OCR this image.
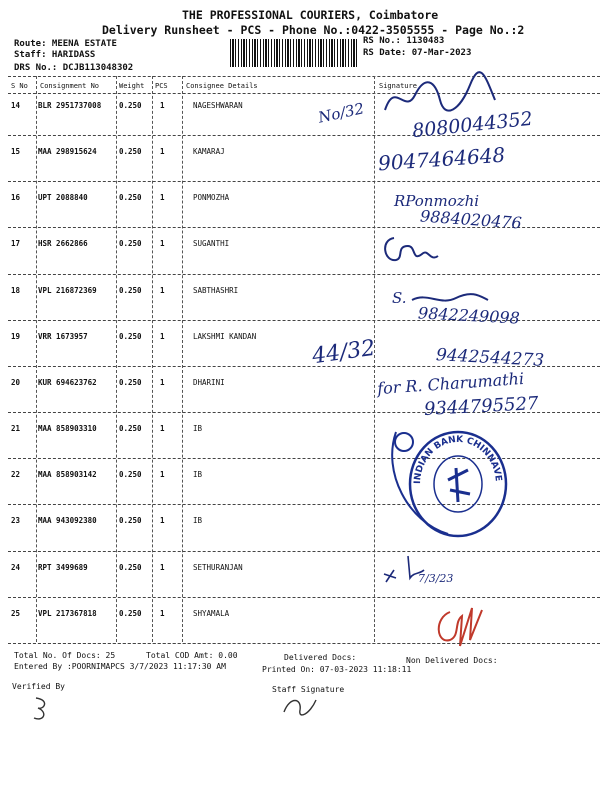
THE PROFESSIONAL COURIERS, Coimbatore
Delivery Runsheet - PCS - Phone No.:0422-3505555 - Page No.:2
Route: MEENA ESTATE
Staff: HARIDASS
DRS No.: DCJB113048302
RS No.: 1130483
RS Date: 07-Mar-2023
S No Consignment No	Weight PCS	Consignee Details	Signature
14 BLR 2951737008 0.250 1	NAGESHWARAN
15 MAA 298915624	0.250 1	KAMARAJ
16 UPT 2088840	0.250 1	PONMOZHA
17 HSR 2662866	0.250 1	SUGANTHI
18 VPL 216872369	0.250 1	SABTHASHRI
19 VRR 1673957	0.250 1	LAKSHMI KANDAN
20 KUR 694623762	0.250 1	DHARINI
21 MAA 858903310	0.250 1	IB
22 MAA 858903142	0.250 1	IB
23 MAA 943092380	0.250 1	IB
24 RPT 3499689	0.250 1	SETHURANJAN
25 VPL 217367818	0.250 1	SHYAMALA
No/32 8080044352
9047464648
RPonmozhi
9884020476
S.
9842249098
44/32	9442544273
for R. Charumathi
9344795527
INDIAN BANK CHINNAVEDAMPATTI
7/3/23
Total No. Of Docs: 25	Total COD Amt: 0.00	Delivered Docs:	Non Delivered Docs:
Entered By :POORNIMAPCS 3/7/2023 11:17:30 AM	Printed On: 07-03-2023 11:18:11
Verified By	Staff Signature
